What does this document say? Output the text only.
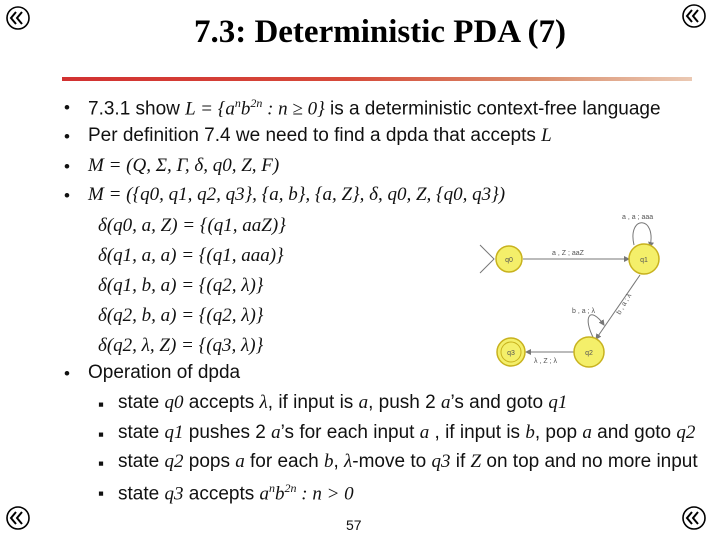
7.3: Deterministic PDA (7)
• 7.3.1 show $L = \{a^nb^{2n}$ : n ≥ 0} is a deterministic context-free language
• Per definition 7.4 we need to find a dpda that accepts L
• M = (Q, Σ, Γ, δ, q0, Z, F)
• M = ({q0, q1, q2, q3}, {a, b}, {a, Z}, δ, q0, Z, {q0, q3})
δ(q0, a, Z) = {(q1, aaZ)}
δ(q1, a, a) = {(q1, aaa)}
δ(q1, b, a) = {(q2, λ)}
δ(q2, b, a) = {(q2, λ)}
δ(q2, λ, Z) = {(q3, λ)}
• Operation of dpda
▪ state q0 accepts λ, if input is a, push 2 a’s and goto q1
▪ state q1 pushes 2 a’s for each input a , if input is b, pop a and goto q2
▪ state q2 pops a for each b, λ-move to q3 if Z on top and no more input
▪ state q3 accepts $a^nb^{2n}$ : n > 0
57
q0	q1
q2
q3
a , a ; aaa
a , Z ; aaZ
b , a ; λ	b , a ; λ
λ , Z ; λ
